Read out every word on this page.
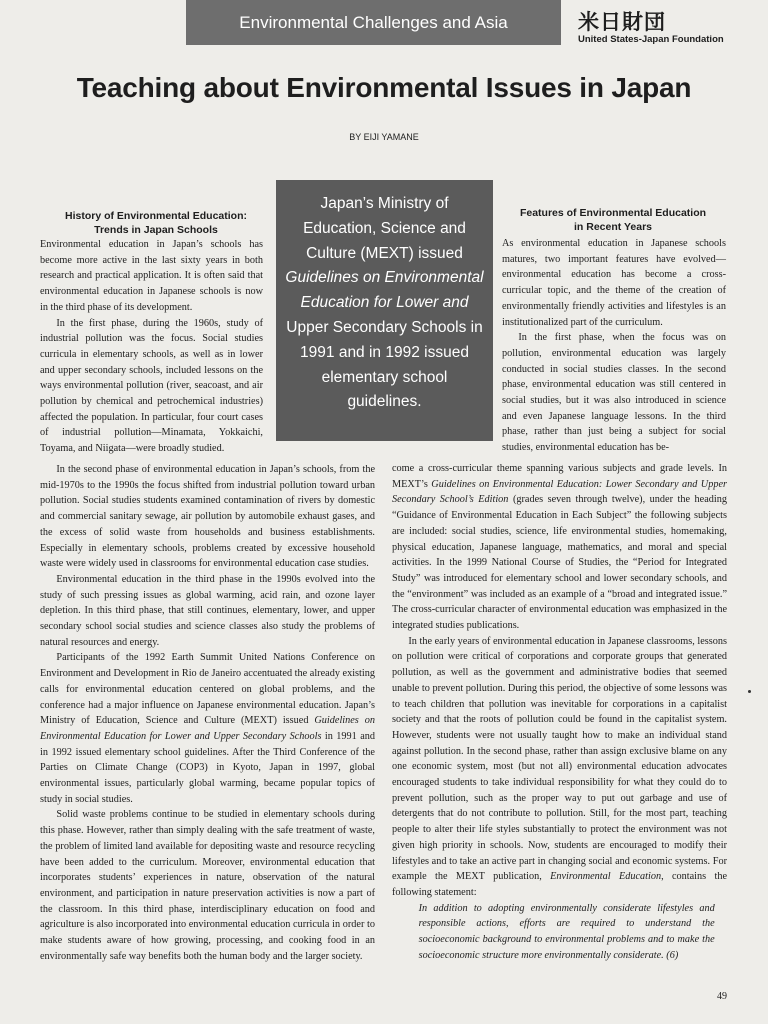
Environmental Challenges and Asia	米日財団
United States-Japan Foundation
Teaching about Environmental Issues in Japan
BY EIJI YAMANE
Japan’s Ministry of
Education, Science and
Culture (MEXT) issued
Guidelines on Environmental
Education for Lower and
Upper Secondary Schools in
1991 and in 1992 issued
elementary school
guidelines.
History of Environmental Education:
Trends in Japan Schools

Environmental education in Japan’s schools has become more active in the last sixty years in both research and practical application. It is often said that environmental education in Japanese schools is now in the third phase of its development.

In the first phase, during the 1960s, study of industrial pollution was the focus. Social studies curricula in elementary schools, as well as in lower and upper secondary schools, included lessons on the ways environmental pollution (river, seacoast, and air pollution by chemical and petrochemical industries) affected the population. In particular, four court cases of industrial pollution—Minamata, Yokkaichi, Toyama, and Niigata—were broadly studied.

In the second phase of environmental education in Japan’s schools, from the mid-1970s to the 1990s the focus shifted from industrial pollution toward urban pollution. Social studies students examined contamination of rivers by domestic and commercial sanitary sewage, air pollution by automobile exhaust gases, and the excess of solid waste from households and business establishments. Especially in elementary schools, problems created by excessive household waste were widely used in classrooms for environmental education case studies.

Environmental education in the third phase in the 1990s evolved into the study of such pressing issues as global warming, acid rain, and ozone layer depletion. In this third phase, that still continues, elementary, lower, and upper secondary school social studies and science classes also study the problems of natural resources and energy.

Participants of the 1992 Earth Summit United Nations Conference on Environment and Development in Rio de Janeiro accentuated the already existing calls for environmental education centered on global problems, and the conference had a major influence on Japanese environmental education. Japan’s Ministry of Education, Science and Culture (MEXT) issued Guidelines on Environmental Education for Lower and Upper Secondary Schools in 1991 and in 1992 issued elementary school guidelines. After the Third Conference of the Parties on Climate Change (COP3) in Kyoto, Japan in 1997, global environmental issues, particularly global warming, became popular topics of study in social studies.

Solid waste problems continue to be studied in elementary schools during this phase. However, rather than simply dealing with the safe treatment of waste, the problem of limited land available for depositing waste and resource recycling have been added to the curriculum. Moreover, environmental education that incorporates students’ experiences in nature, observation of the natural environment, and participation in nature preservation activities is now a part of the classroom. In this third phase, interdisciplinary education on food and agriculture is also incorporated into environmental education curricula in order to make students aware of how growing, processing, and cooking food in an environmentally safe way benefits both the human body and the larger society.

Features of Environmental Education
in Recent Years

As environmental education in Japanese schools matures, two important features have evolved—environmental education has become a cross-curricular topic, and the theme of the creation of environmentally friendly activities and lifestyles is an institutionalized part of the curriculum.

In the first phase, when the focus was on pollution, environmental education was largely conducted in social studies classes. In the second phase, environmental education was still centered in social studies, but it was also introduced in science and even Japanese language lessons. In the third phase, rather than just being a subject for social studies, environmental education has be-

come a cross-curricular theme spanning various subjects and grade levels. In MEXT’s Guidelines on Environmental Education: Lower Secondary and Upper Secondary School’s Edition (grades seven through twelve), under the heading “Guidance of Environmental Education in Each Subject” the following subjects are included: social studies, science, life environmental studies, homemaking, physical education, Japanese language, mathematics, and moral and special activities. In the 1999 National Course of Studies, the “Period for Integrated Study” was introduced for elementary school and lower secondary schools, and the “environment” was included as an example of a “broad and integrated issue.” The cross-curricular character of environmental education was emphasized in the integrated studies publications.

In the early years of environmental education in Japanese classrooms, lessons on pollution were critical of corporations and corporate groups that generated pollution, as well as the government and administrative bodies that seemed unable to prevent pollution. During this period, the objective of some lessons was to teach children that pollution was inevitable for corporations in a capitalist society and that the roots of pollution could be found in the capitalist system. However, students were not usually taught how to make an individual stand against pollution. In the second phase, rather than assign exclusive blame on any one economic system, most (but not all) environmental education advocates encouraged students to take individual responsibility for what they could do to prevent pollution, such as the proper way to put out garbage and use of detergents that do not contribute to pollution. Still, for the most part, teaching people to alter their life styles substantially to protect the environment was not given high priority in schools. Now, students are encouraged to modify their lifestyles and to take an active part in changing social and economic systems. For example the MEXT publication, Environmental Education, contains the following statement:

In addition to adopting environmentally considerate lifestyles and responsible actions, efforts are required to understand the socioeconomic background to environmental problems and to make the socioeconomic structure more environmentally considerate. (6)

49
